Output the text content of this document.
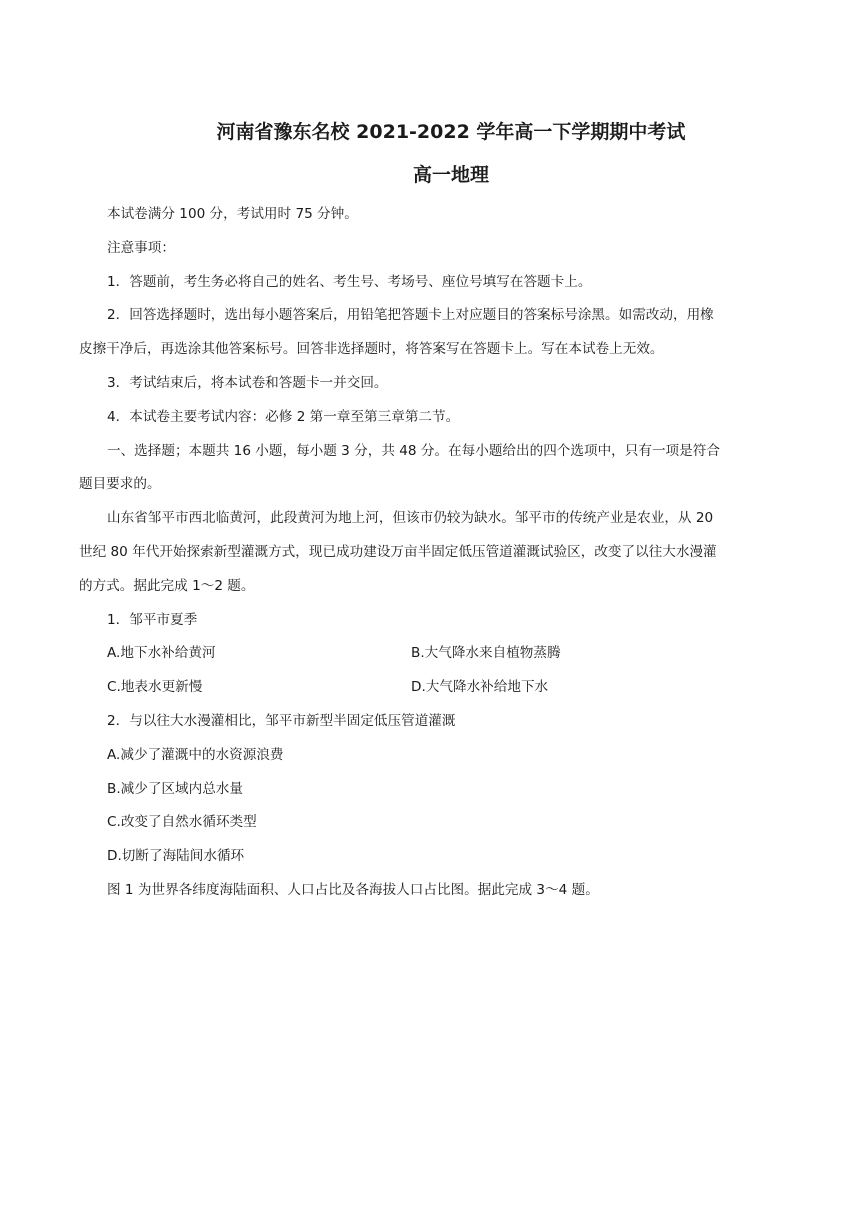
河南省豫东名校 2021-2022 学年高一下学期期中考试
高一地理

本试卷满分 100 分，考试用时 75 分钟。

注意事项：

1．答题前，考生务必将自己的姓名、考生号、考场号、座位号填写在答题卡上。

2．回答选择题时，选出每小题答案后，用铅笔把答题卡上对应题目的答案标号涂黑。如需改动，用橡

皮擦干净后，再选涂其他答案标号。回答非选择题时，将答案写在答题卡上。写在本试卷上无效。

3．考试结束后，将本试卷和答题卡一并交回。

4．本试卷主要考试内容：必修 2 第一章至第三章第二节。

一、选择题；本题共 16 小题，每小题 3 分，共 48 分。在每小题给出的四个选项中，只有一项是符合

题目要求的。

山东省邹平市西北临黄河，此段黄河为地上河，但该市仍较为缺水。邹平市的传统产业是农业，从 20

世纪 80 年代开始探索新型灌溉方式，现已成功建设万亩半固定低压管道灌溉试验区，改变了以往大水漫灌

的方式。据此完成 1～2 题。

1．邹平市夏季

A.地下水补给黄河	B.大气降水来自植物蒸腾
C.地表水更新慢	D.大气降水补给地下水

2．与以往大水漫灌相比，邹平市新型半固定低压管道灌溉

A.减少了灌溉中的水资源浪费

B.减少了区域内总水量

C.改变了自然水循环类型

D.切断了海陆间水循环

图 1 为世界各纬度海陆面积、人口占比及各海拔人口占比图。据此完成 3～4 题。
